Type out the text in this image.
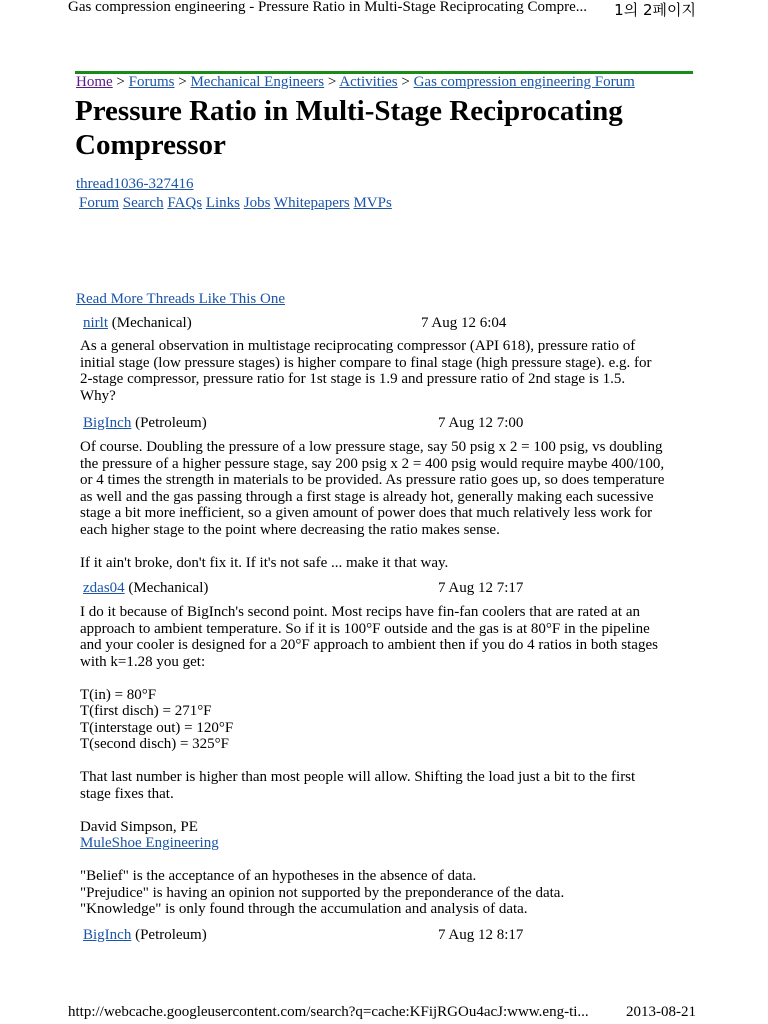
Gas compression engineering - Pressure Ratio in Multi-Stage Reciprocating Compre... 1의 2페이지
Home > Forums > Mechanical Engineers > Activities > Gas compression engineering Forum
Pressure Ratio in Multi-Stage Reciprocating Compressor
thread1036-327416
Forum Search FAQs Links Jobs Whitepapers MVPs
Read More Threads Like This One
nirlt (Mechanical)	7 Aug 12 6:04

As a general observation in multistage reciprocating compressor (API 618), pressure ratio of

initial stage (low pressure stages) is higher compare to final stage (high pressure stage). e.g. for

2-stage compressor, pressure ratio for 1st stage is 1.9 and pressure ratio of 2nd stage is 1.5.

Why?

BigInch (Petroleum)	7 Aug 12 7:00

Of course. Doubling the pressure of a low pressure stage, say 50 psig x 2 = 100 psig, vs doubling

the pressure of a higher pessure stage, say 200 psig x 2 = 400 psig would require maybe 400/100,

or 4 times the strength in materials to be provided. As pressure ratio goes up, so does temperature

as well and the gas passing through a first stage is already hot, generally making each sucessive

stage a bit more inefficient, so a given amount of power does that much relatively less work for

each higher stage to the point where decreasing the ratio makes sense.

If it ain't broke, don't fix it. If it's not safe ... make it that way.

zdas04 (Mechanical)	7 Aug 12 7:17

I do it because of BigInch's second point. Most recips have fin-fan coolers that are rated at an

approach to ambient temperature. So if it is 100°F outside and the gas is at 80°F in the pipeline

and your cooler is designed for a 20°F approach to ambient then if you do 4 ratios in both stages

with k=1.28 you get:

T(in) = 80°F

T(first disch) = 271°F

T(interstage out) = 120°F

T(second disch) = 325°F

That last number is higher than most people will allow. Shifting the load just a bit to the first

stage fixes that.

David Simpson, PE

MuleShoe Engineering

"Belief" is the acceptance of an hypotheses in the absence of data.

"Prejudice" is having an opinion not supported by the preponderance of the data.

"Knowledge" is only found through the accumulation and analysis of data.

BigInch (Petroleum)	7 Aug 12 8:17
http://webcache.googleusercontent.com/search?q=cache:KFijRGOu4acJ:www.eng-ti... 2013-08-21
